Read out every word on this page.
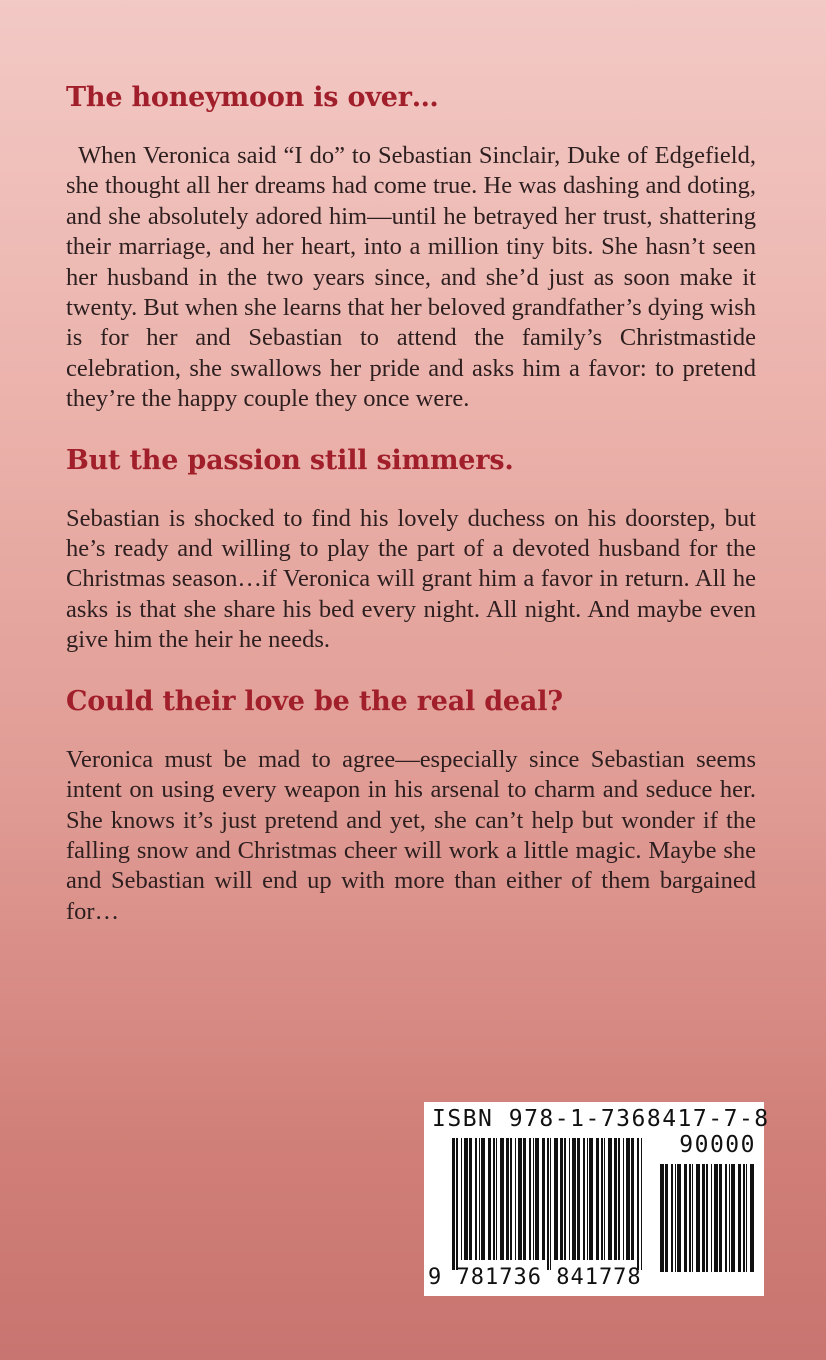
The honeymoon is over…

When Veronica said “I do” to Sebastian Sinclair, Duke of Edgefield, she thought all her dreams had come true. He was dashing and doting, and she absolutely adored him—until he betrayed her trust, shattering their marriage, and her heart, into a million tiny bits. She hasn’t seen her husband in the two years since, and she’d just as soon make it twenty. But when she learns that her beloved grandfather’s dying wish is for her and Sebastian to attend the family’s Christmastide celebration, she swallows her pride and asks him a favor: to pretend they’re the happy couple they once were.

But the passion still simmers.

Sebastian is shocked to find his lovely duchess on his doorstep, but he’s ready and willing to play the part of a devoted husband for the Christmas season…if Veronica will grant him a favor in return. All he asks is that she share his bed every night. All night. And maybe even give him the heir he needs.

Could their love be the real deal?

Veronica must be mad to agree—especially since Sebastian seems intent on using every weapon in his arsenal to charm and seduce her. She knows it’s just pretend and yet, she can’t help but wonder if the falling snow and Christmas cheer will work a little magic. Maybe she and Sebastian will end up with more than either of them bargained for…

ISBN 978-1-7368417-7-8
90000
9 781736 841778
